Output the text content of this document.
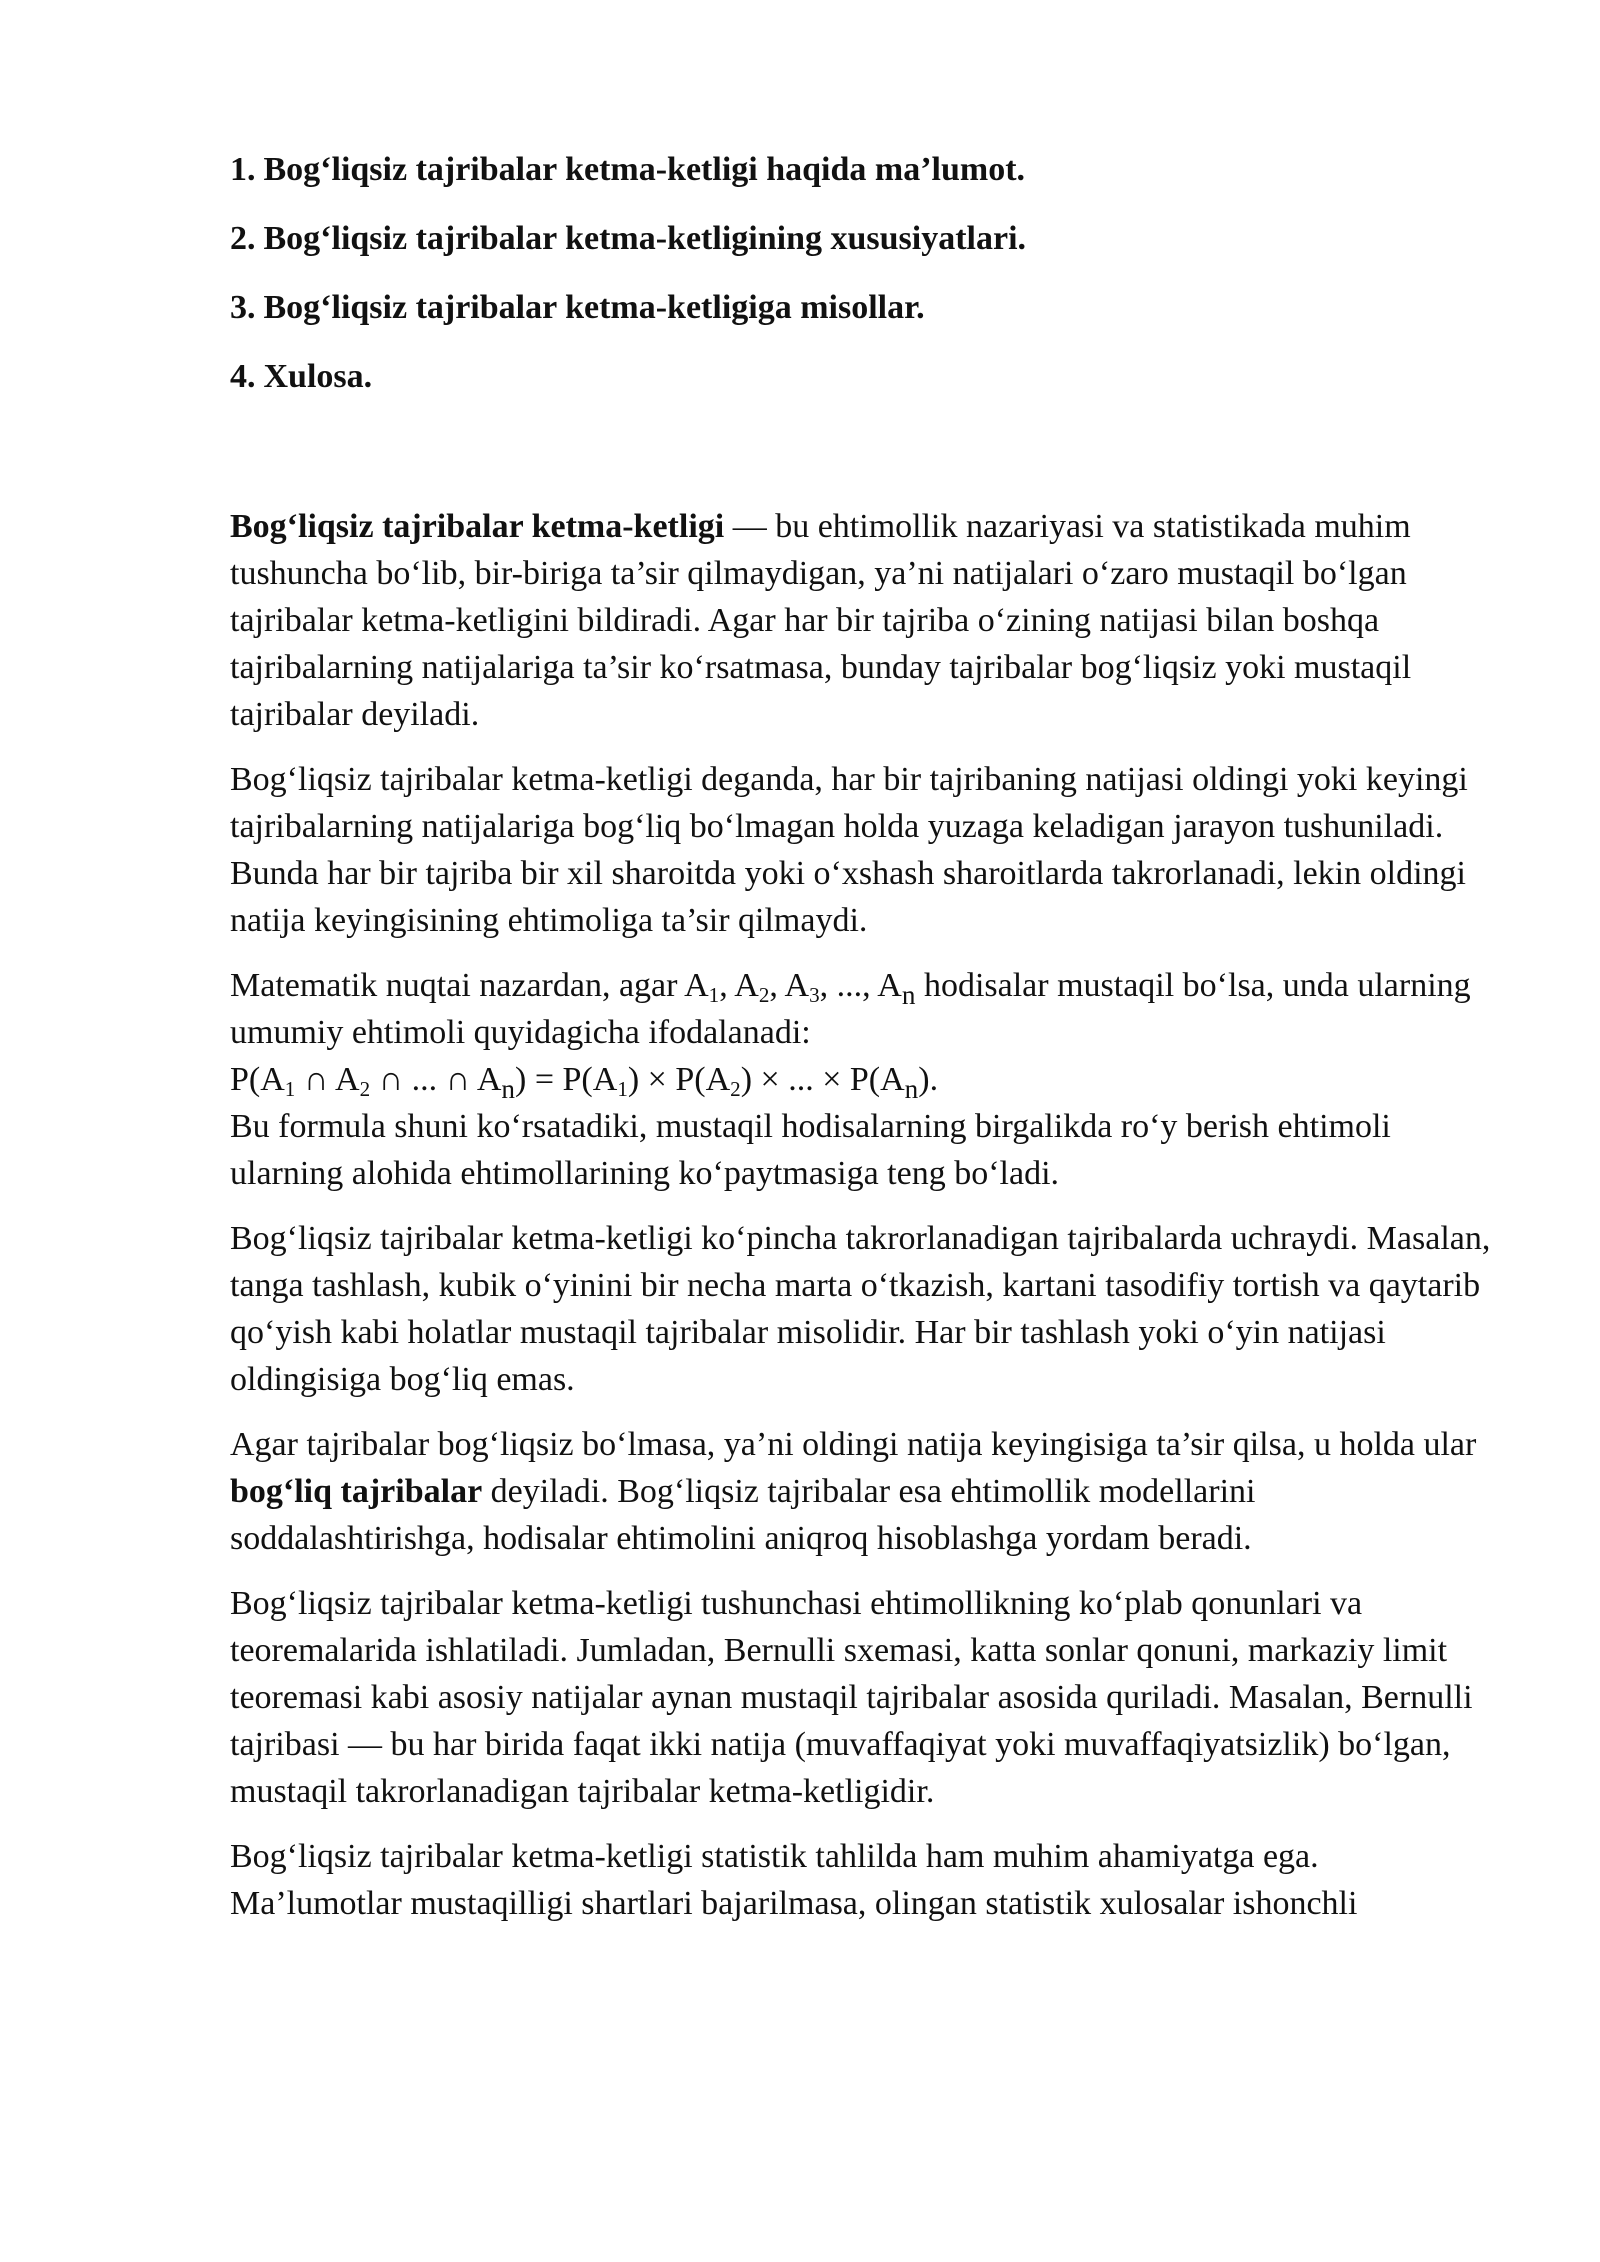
1. Bog‘liqsiz tajribalar ketma-ketligi haqida ma’lumot.
2. Bog‘liqsiz tajribalar ketma-ketligining xususiyatlari.
3. Bog‘liqsiz tajribalar ketma-ketligiga misollar.
4. Xulosa.

Bog‘liqsiz tajribalar ketma-ketligi — bu ehtimollik nazariyasi va statistikada muhim tushuncha bo‘lib, bir-biriga ta’sir qilmaydigan, ya’ni natijalari o‘zaro mustaqil bo‘lgan tajribalar ketma-ketligini bildiradi. Agar har bir tajriba o‘zining natijasi bilan boshqa tajribalarning natijalariga ta’sir ko‘rsatmasa, bunday tajribalar bog‘liqsiz yoki mustaqil tajribalar deyiladi.

Bog‘liqsiz tajribalar ketma-ketligi deganda, har bir tajribaning natijasi oldingi yoki keyingi tajribalarning natijalariga bog‘liq bo‘lmagan holda yuzaga keladigan jarayon tushuniladi. Bunda har bir tajriba bir xil sharoitda yoki o‘xshash sharoitlarda takrorlanadi, lekin oldingi natija keyingisining ehtimoliga ta’sir qilmaydi.

Matematik nuqtai nazardan, agar $A_1$, $A_2$, $A_3$, ..., $A_n$ hodisalar mustaqil bo‘lsa, unda ularning umumiy ehtimoli quyidagicha ifodalanadi:
$P(A_1$ ∩ $A_2$ ∩ ... ∩ $A_n) = P(A_1) \times P(A_2)$ × ... × $P(A_n)$.
Bu formula shuni ko‘rsatadiki, mustaqil hodisalarning birgalikda ro‘y berish ehtimoli ularning alohida ehtimollarining ko‘paytmasiga teng bo‘ladi.

Bog‘liqsiz tajribalar ketma-ketligi ko‘pincha takrorlanadigan tajribalarda uchraydi. Masalan, tanga tashlash, kubik o‘yinini bir necha marta o‘tkazish, kartani tasodifiy tortish va qaytarib qo‘yish kabi holatlar mustaqil tajribalar misolidir. Har bir tashlash yoki o‘yin natijasi oldingisiga bog‘liq emas.

Agar tajribalar bog‘liqsiz bo‘lmasa, ya’ni oldingi natija keyingisiga ta’sir qilsa, u holda ular bog‘liq tajribalar deyiladi. Bog‘liqsiz tajribalar esa ehtimollik modellarini soddalashtirishga, hodisalar ehtimolini aniqroq hisoblashga yordam beradi.

Bog‘liqsiz tajribalar ketma-ketligi tushunchasi ehtimollikning ko‘plab qonunlari va teoremalarida ishlatiladi. Jumladan, Bernulli sxemasi, katta sonlar qonuni, markaziy limit teoremasi kabi asosiy natijalar aynan mustaqil tajribalar asosida quriladi. Masalan, Bernulli tajribasi — bu har birida faqat ikki natija (muvaffaqiyat yoki muvaffaqiyatsizlik) bo‘lgan, mustaqil takrorlanadigan tajribalar ketma-ketligidir.

Bog‘liqsiz tajribalar ketma-ketligi statistik tahlilda ham muhim ahamiyatga ega. Ma’lumotlar mustaqilligi shartlari bajarilmasa, olingan statistik xulosalar ishonchli
